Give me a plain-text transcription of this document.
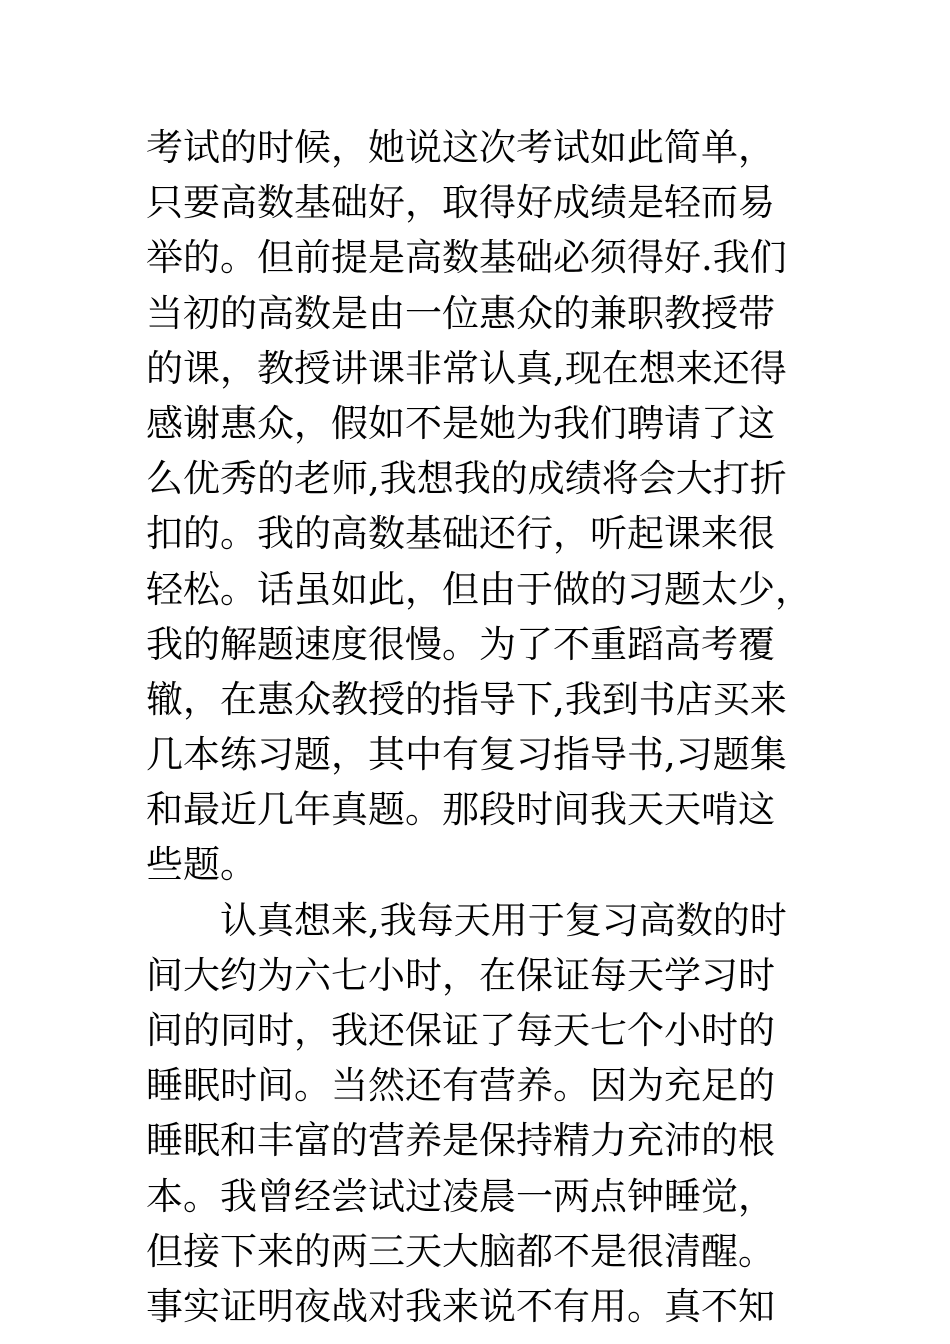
考试的时候，她说这次考试如此简单，
只要高数基础好，取得好成绩是轻而易
举的。但前提是高数基础必须得好.我们
当初的高数是由一位惠众的兼职教授带
的课，教授讲课非常认真,现在想来还得
感谢惠众，假如不是她为我们聘请了这
么优秀的老师,我想我的成绩将会大打折
扣的。我的高数基础还行，听起课来很
轻松。话虽如此，但由于做的习题太少，
我的解题速度很慢。为了不重蹈高考覆
辙，在惠众教授的指导下,我到书店买来
几本练习题，其中有复习指导书,习题集
和最近几年真题。那段时间我天天啃这
些题。
　　认真想来,我每天用于复习高数的时
间大约为六七小时，在保证每天学习时
间的同时，我还保证了每天七个小时的
睡眠时间。当然还有营养。因为充足的
睡眠和丰富的营养是保持精力充沛的根
本。我曾经尝试过凌晨一两点钟睡觉，
但接下来的两三天大脑都不是很清醒。
事实证明夜战对我来说不有用。真不知
